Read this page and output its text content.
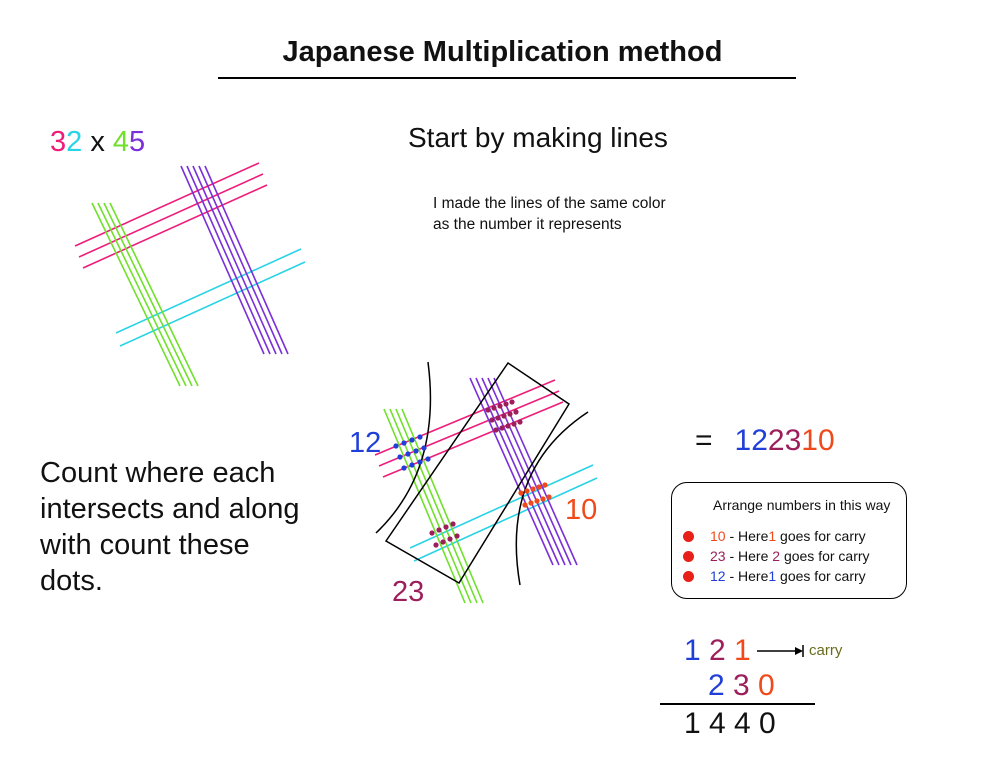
Japanese Multiplication method
32 x 45	Start by making lines
I made the lines of the same color
as the number it represents
Count where each intersects and along with count these dots.
12
10
23
= 122310
Arrange numbers in this way
10 - Here1 goes for carry
23 - Here 2 goes for carry
12 - Here1 goes for carry
1 2 1	carry
2 3 0
1 4 4 0
